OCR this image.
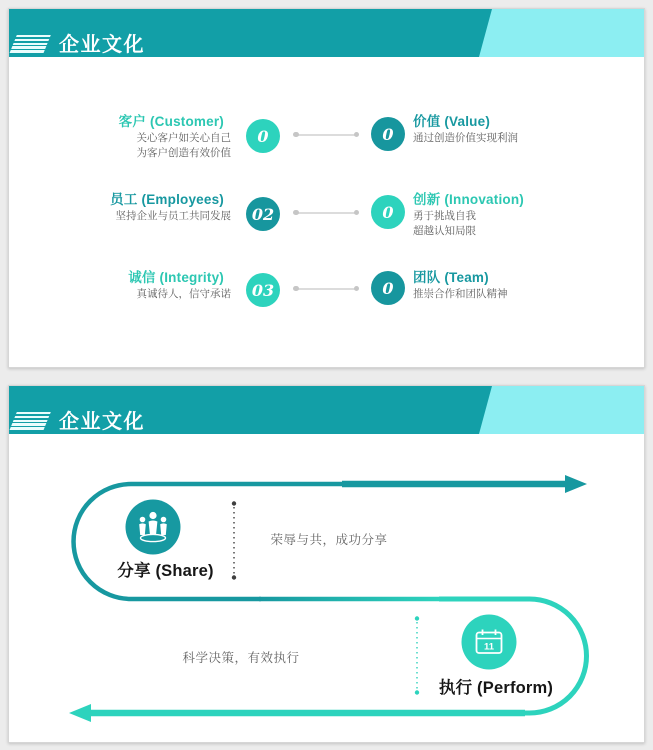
企业文化
客户 (Customer)
关心客户如关心自己
为客户创造有效价值
0	0
价值 (Value)
通过创造价值实现利润
员工 (Employees)
坚持企业与员工共同发展	02	0
创新 (Innovation)
勇于挑战自我
超越认知局限
诚信 (Integrity)
真诚待人，信守承诺	03	0
团队 (Team)
推崇合作和团队精神
企业文化
11
分享 (Share)
荣辱与共，成功分享
执行 (Perform)
科学决策，有效执行
